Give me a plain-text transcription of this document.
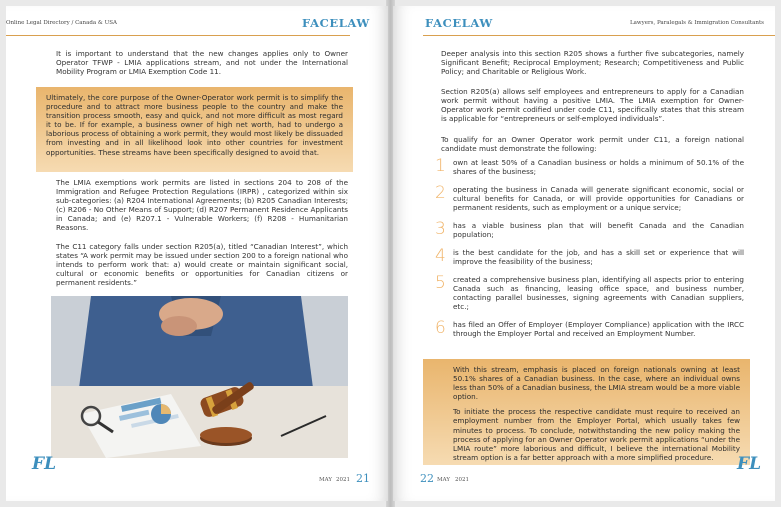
Online Legal Directory / Canada & USA	FACELAW

It is important to understand that the new changes applies only to Owner Operator TFWP - LMIA applications stream, and not under the International Mobility Program or LMIA Exemption Code 11.

Ultimately, the core purpose of the Owner-Operator work permit is to simplify the procedure and to attract more business people to the country and make the transition process smooth, easy and quick, and not more difficult as most regard it to be. If for example, a business owner of high net worth, had to undergo a laborious process of obtaining a work permit, they would most likely be dissuaded from investing and in all likelihood look into other countries for investment opportunities. These streams have been specifically designed to avoid that.

The LMIA exemptions work permits are listed in sections 204 to 208 of the Immigration and Refugee Protection Regulations (IRPR) , categorized within six sub-categories: (a) R204 International Agreements; (b) R205 Canadian Interests; (c) R206 - No Other Means of Support; (d) R207 Permanent Residence Applicants in Canada; and (e) R207.1 - Vulnerable Workers; (f) R208 - Humanitarian Reasons.

The C11 category falls under section R205(a), titled “Canadian Interest”, which states “A work permit may be issued under section 200 to a foreign national who intends to perform work that: a) would create or maintain significant social, cultural or economic benefits or opportunities for Canadian citizens or permanent residents.”

FL
MAY 2021 21
FACELAW	Lawyers, Paralegals & Immigration Consultants

Deeper analysis into this section R205 shows a further five subcategories, namely Significant Benefit; Reciprocal Employment; Research; Competitiveness and Public Policy; and Charitable or Religious Work.

Section R205(a) allows self employees and entrepreneurs to apply for a Canadian work permit without having a positive LMIA. The LMIA exemption for Owner-Operator work permit codified under code C11, specifically states that this stream is applicable for “entrepreneurs or self-employed individuals”.

To qualify for an Owner Operator work permit under C11, a foreign national candidate must demonstrate the following:

1 own at least 50% of a Canadian business or holds a minimum of 50.1% of the shares of the business;
2 operating the business in Canada will generate significant economic, social or cultural benefits for Canada, or will provide opportunities for Canadians or permanent residents, such as employment or a unique service;
3 has a viable business plan that will benefit Canada and the Canadian population;
4 is the best candidate for the job, and has a skill set or experience that will improve the feasibility of the business;
5 created a comprehensive business plan, identifying all aspects prior to entering Canada such as financing, leasing office space, and business number, contacting parallel businesses, signing agreements with Canadian suppliers, etc.;
6 has filed an Offer of Employer (Employer Compliance) application with the IRCC through the Employer Portal and received an Employment Number.

With this stream, emphasis is placed on foreign nationals owning at least 50.1% shares of a Canadian business. In the case, where an individual owns less than 50% of a Canadian business, the LMIA stream would be a more viable option.

To initiate the process the respective candidate must require to received an employment number from the Employer Portal, which usually takes few minutes to process. To conclude, notwithstanding the new policy making the process of applying for an Owner Operator work permit applications “under the LMIA route” more laborious and difficult, I believe the international Mobility stream option is a far better approach with a more simplified procedure.

22 MAY 2021
FL
